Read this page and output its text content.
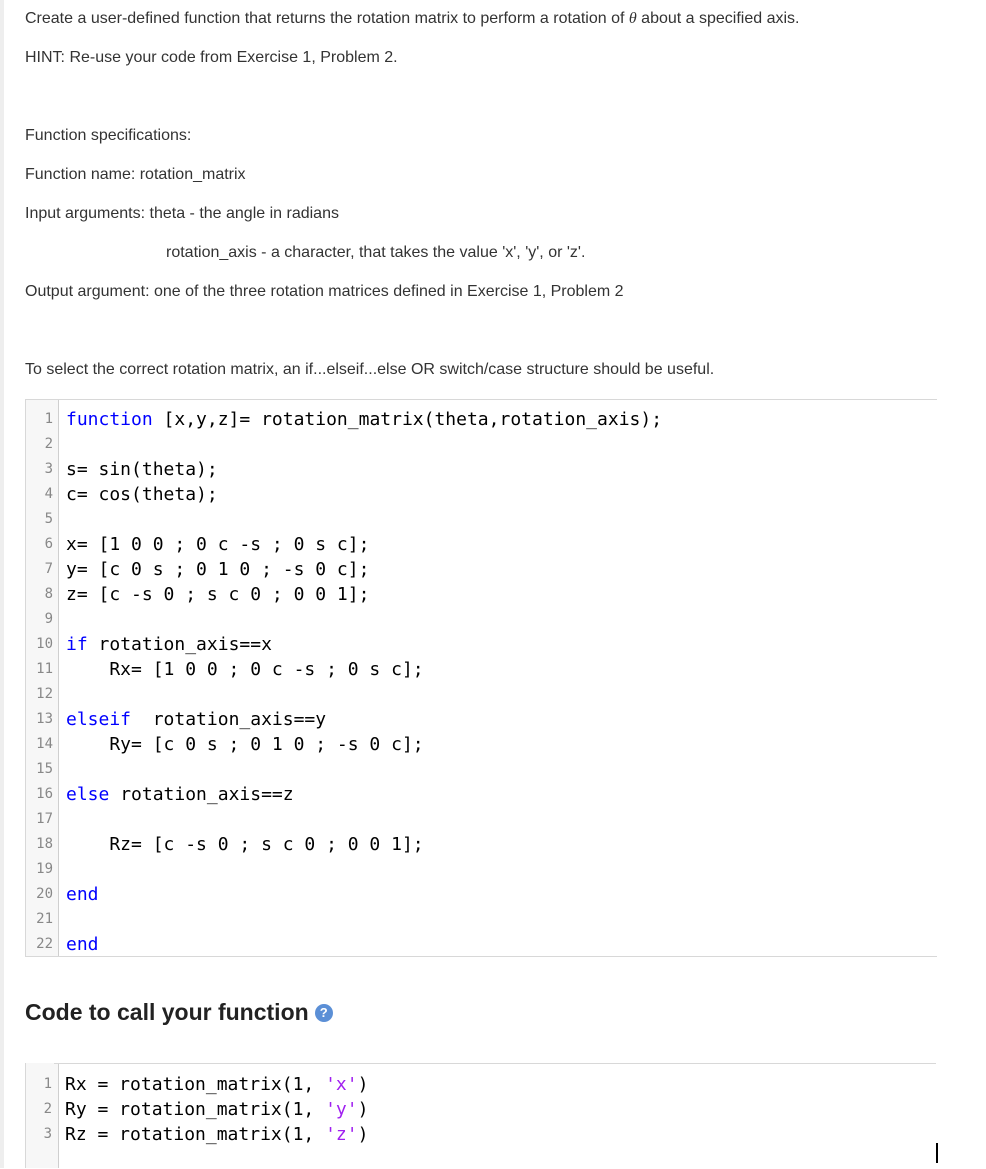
Create a user-defined function that returns the rotation matrix to perform a rotation of θ about a specified axis.

HINT: Re-use your code from Exercise 1, Problem 2.

Function specifications:

Function name: rotation_matrix

Input arguments: theta - the angle in radians

rotation_axis - a character, that takes the value 'x', 'y', or 'z'.

Output argument: one of the three rotation matrices defined in Exercise 1, Problem 2

To select the correct rotation matrix, an if...elseif...else OR switch/case structure should be useful.

1 function [x,y,z]= rotation_matrix(theta,rotation_axis);
2
3 s= sin(theta);
4 c= cos(theta);
5
6 x= [1 0 0 ; 0 c -s ; 0 s c];
7 y= [c 0 s ; 0 1 0 ; -s 0 c];
8 z= [c -s 0 ; s c 0 ; 0 0 1];
9
10 if rotation_axis==x
11 Rx= [1 0 0 ; 0 c -s ; 0 s c];
12
13 elseif  rotation_axis==y
14 Ry= [c 0 s ; 0 1 0 ; -s 0 c];
15
16 else rotation_axis==z
17
18 Rz= [c -s 0 ; s c 0 ; 0 0 1];
19
20 end
21
22 end
Code to call your function ?
1 Rx = rotation_matrix(1, 'x')
2 Ry = rotation_matrix(1, 'y')
3 Rz = rotation_matrix(1, 'z')
